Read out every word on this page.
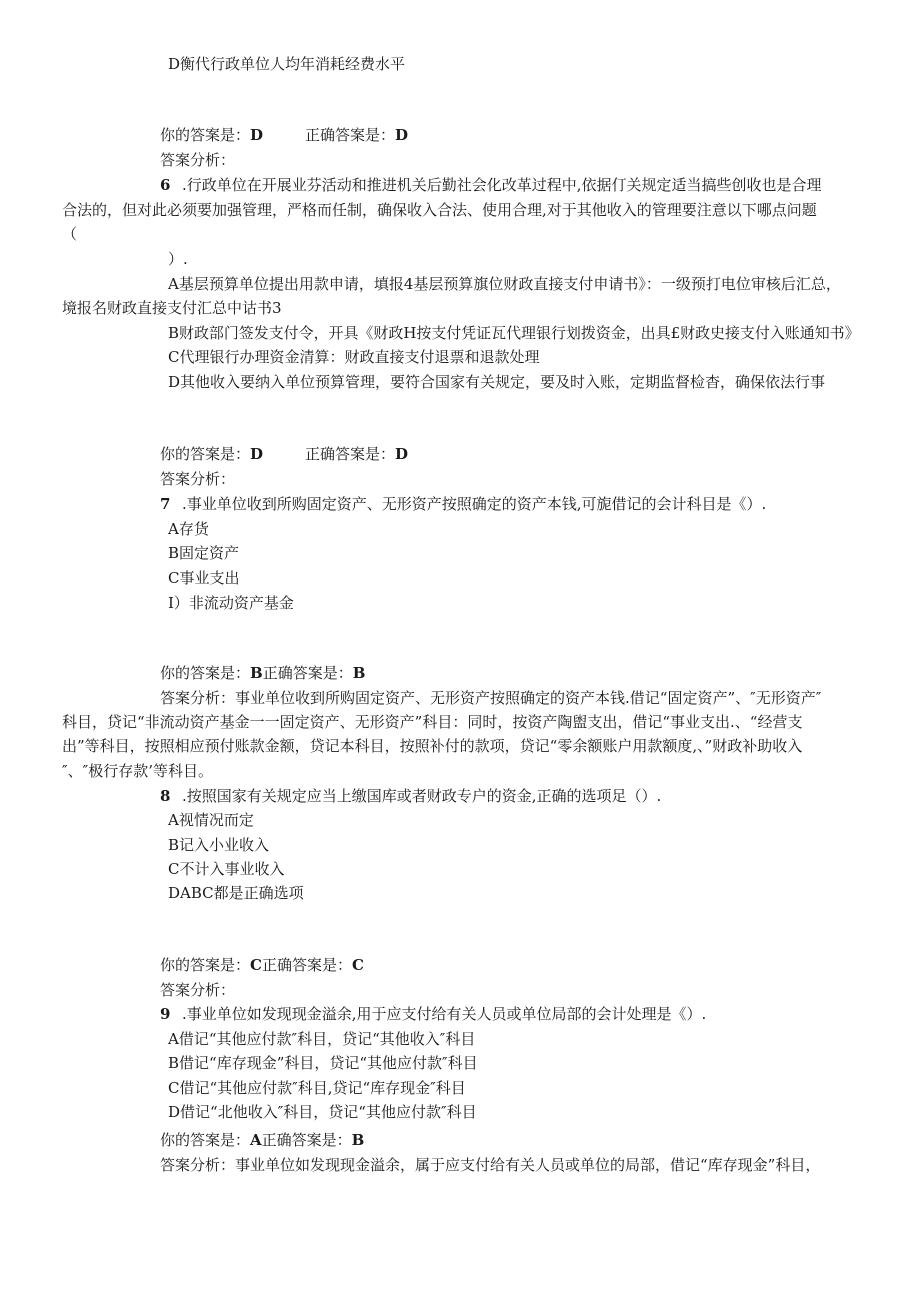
D衡代行政单位人均年消耗经费水平
你的答案是：D	正确答案是：D
答案分析：
6 .行政单位在开展业芬活动和推进机关后勤社会化改革过程中,依据仃关规定适当搞些创收也是合理
合法的，但对此必须要加强管理，严格而任制，确保收入合法、使用合理,对于其他收入的管理要注意以下哪点问题
（
）.
A基层预算单位提出用款申请，填报4基层预算旗位财政直接支付申请书》：一级预打电位审核后汇总，
境报名财政直接支付汇总中诂书3
B财政部门签发支付令，开具《财政H按支付凭证瓦代理银行划拨资金，出具£财政史接支付入账通知书》
C代理银行办理资金清算：财政直接支付退票和退款处理
D其他收入要纳入单位预算管理，要符合国家有关规定，要及时入账，定期监督检杳，确保依法行事
你的答案是：D	正确答案是：D
答案分析：
7 .事业单位收到所购固定资产、无形资产按照确定的资产本钱,可旎借记的会计科目是《）.
A存货
B固定资产
C事业支出
I）非流动资产基金
你的答案是：B正确答案是：B
答案分析：事业单位收到所购固定资产、无形资产按照确定的资产本钱.借记“固定资产”、″无形资产″
科目，贷记“非流动资产基金一一固定资产、无形资产”科目：同时，按资产陶盥支出，借记“事业支出.、“经营支
出”等科目，按照相应预付账款金额，贷记本科目，按照补付的款项，贷记“零余额账户用款额度,、”财政补助收入
″、″极行存款’等科目。
8 .按照国家有关规定应当上缴国库或者财政专户的资金,正确的选项足（）.
A视情况而定
B记入小业收入
C不计入事业收入
DABC都是正确选项
你的答案是：C正确答案是：C
答案分析：
9 .事业单位如发现现金溢余,用于应支付给有关人员或单位局部的会计处理是《）.
A借记“其他应付款″科目，贷记“其他收入″科目
B借记“库存现金”科目，贷记“其他应付款″科目
C借记“其他应付款″科目,贷记“库存现金″科目
D借记“北他收入″科目，贷记“其他应付款″科目
你的答案是：A正确答案是：B
答案分析：事业单位如发现现金溢余，属于应支付给有关人员或单位的局部，借记“库存现金”科目，
